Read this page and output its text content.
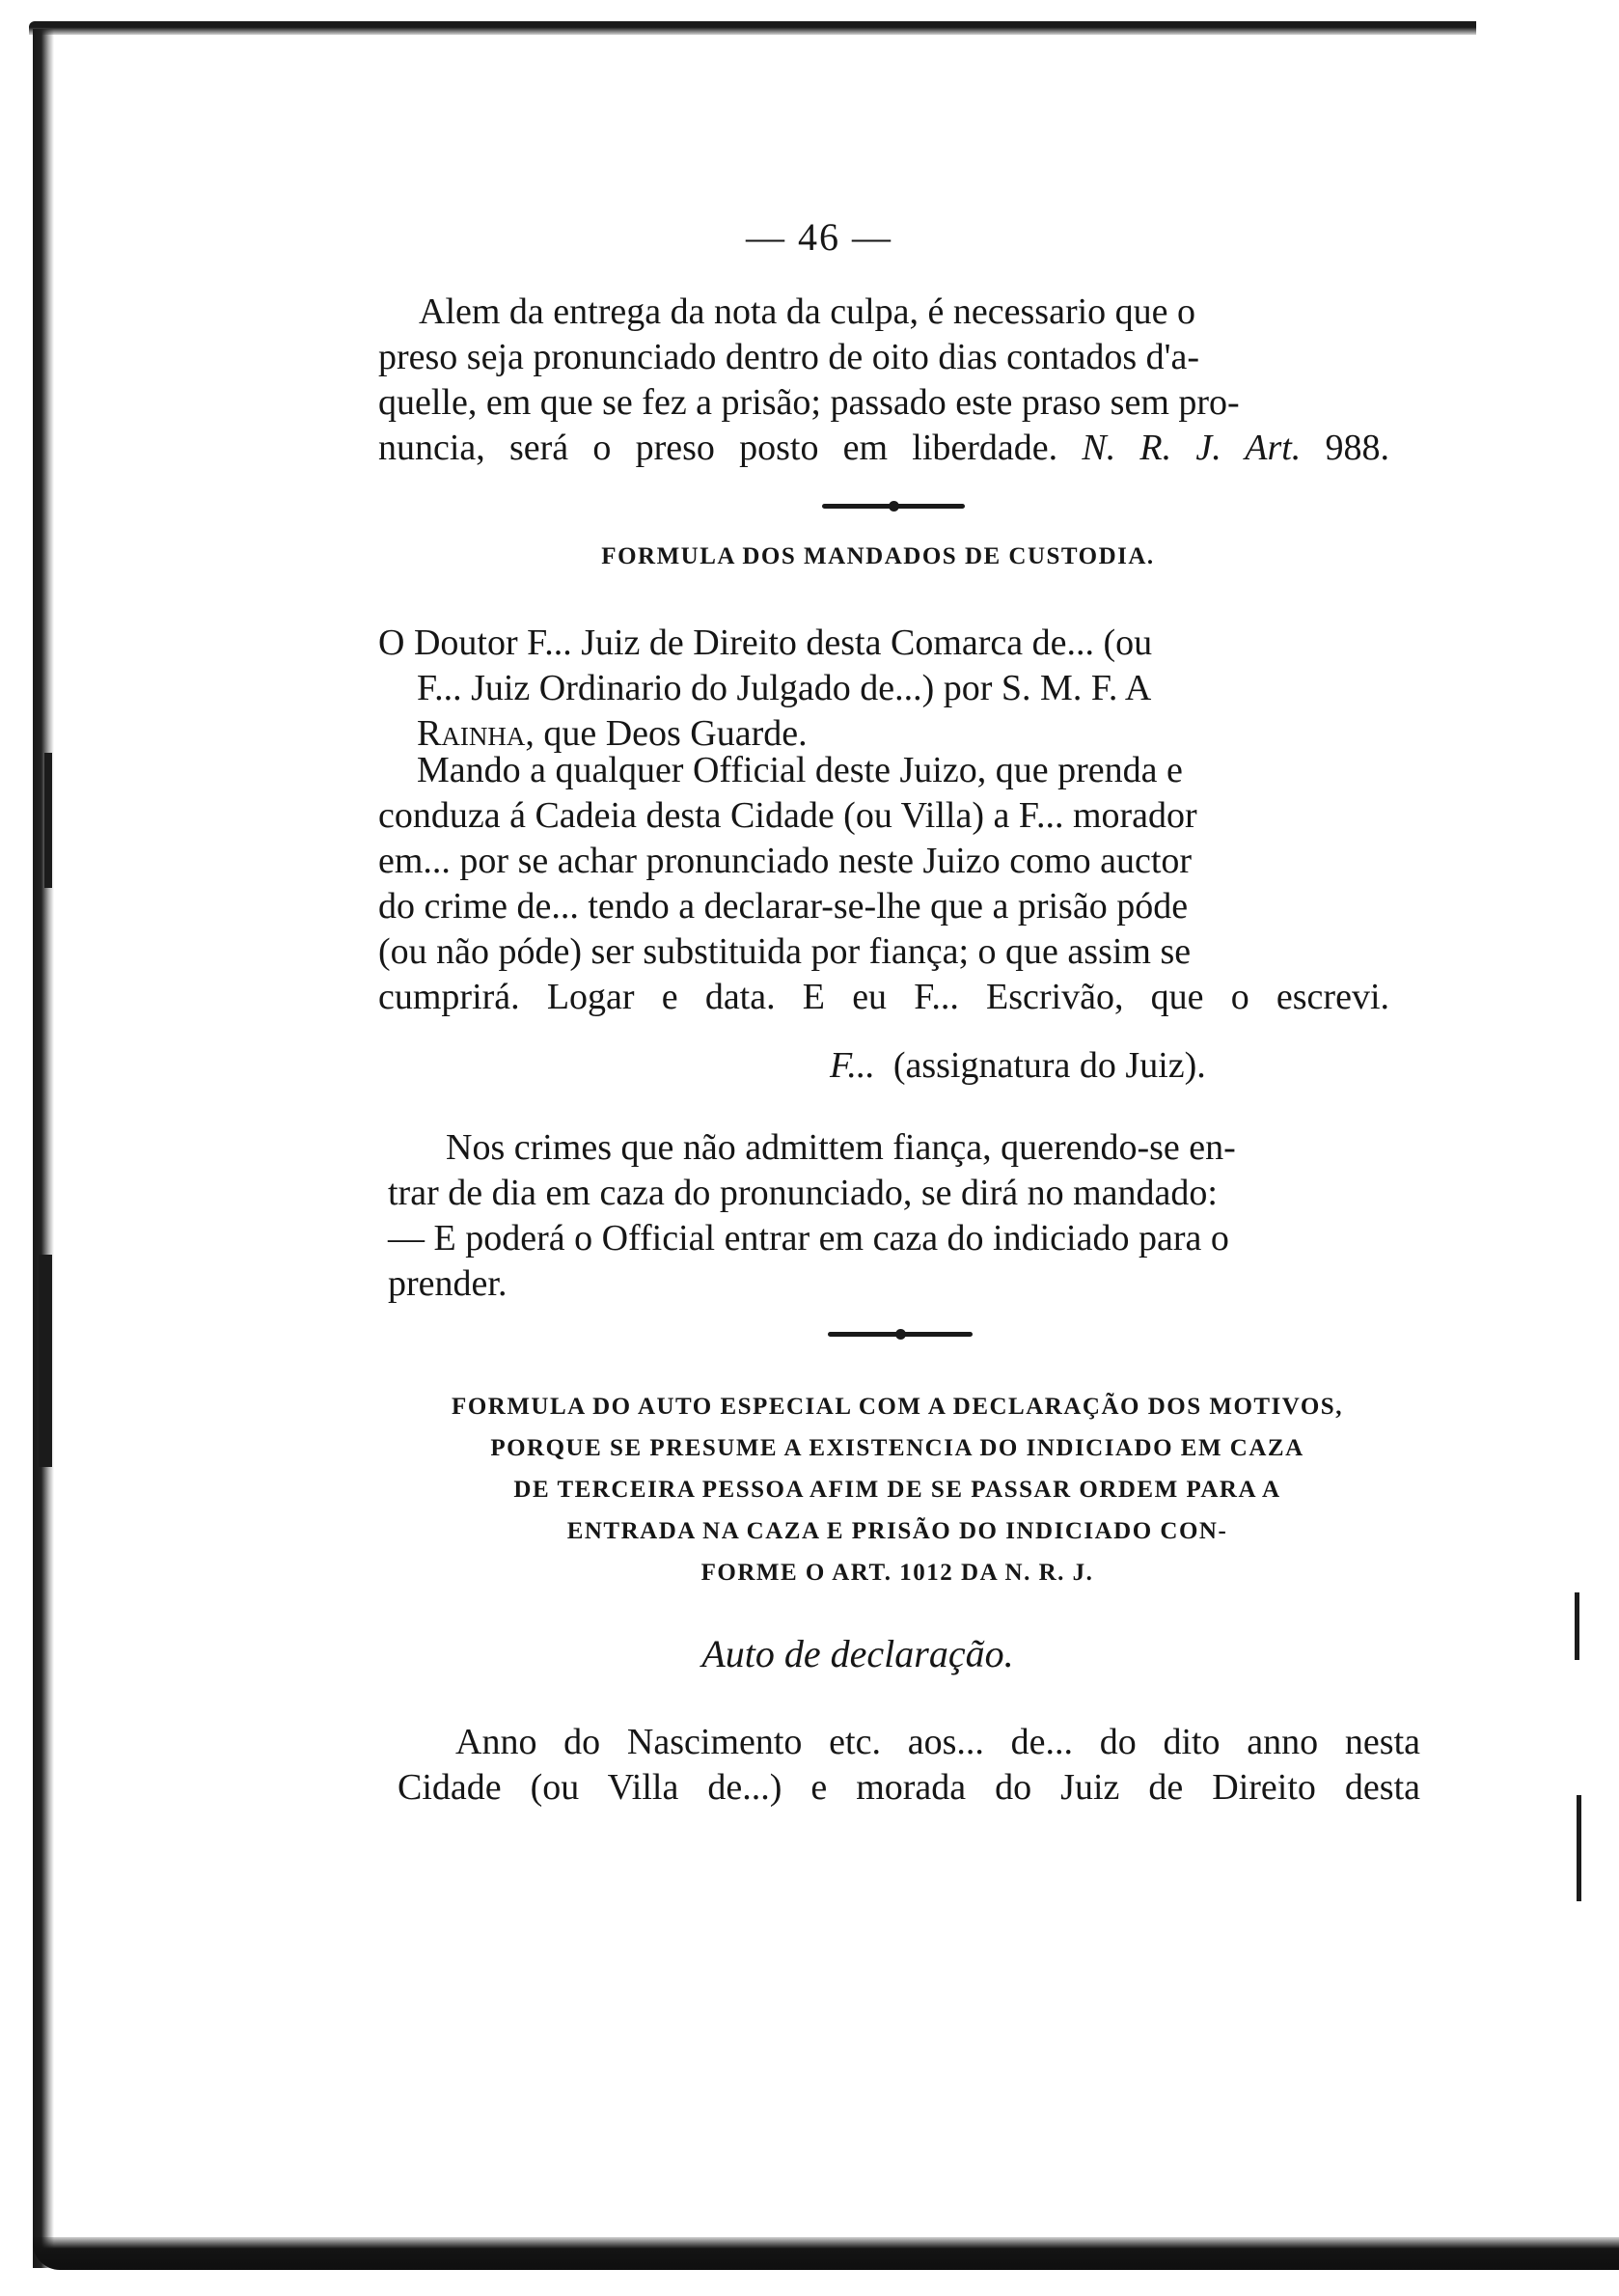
— 46 —

Alem da entrega da nota da culpa, é necessario que o

preso seja pronunciado dentro de oito dias contados d'a-

quelle, em que se fez a prisão; passado este praso sem pro-

nuncia, será o preso posto em liberdade. N. R. J. Art. 988.

FORMULA DOS MANDADOS DE CUSTODIA.

O Doutor F... Juiz de Direito desta Comarca de... (ou

F... Juiz Ordinario do Julgado de...) por S. M. F. A

Rainha, que Deos Guarde.

Mando a qualquer Official deste Juizo, que prenda e

conduza á Cadeia desta Cidade (ou Villa) a F... morador

em... por se achar pronunciado neste Juizo como auctor

do crime de... tendo a declarar-se-lhe que a prisão póde

(ou não póde) ser substituida por fiança; o que assim se

cumprirá. Logar e data. E eu F... Escrivão, que o escrevi.

F... (assignatura do Juiz).

Nos crimes que não admittem fiança, querendo-se en-

trar de dia em caza do pronunciado, se dirá no mandado:

— E poderá o Official entrar em caza do indiciado para o

prender.

FORMULA DO AUTO ESPECIAL COM A DECLARAÇÃO DOS MOTIVOS,
PORQUE SE PRESUME A EXISTENCIA DO INDICIADO EM CAZA
DE TERCEIRA PESSOA AFIM DE SE PASSAR ORDEM PARA A
ENTRADA NA CAZA E PRISÃO DO INDICIADO CON-
FORME O ART. 1012 DA N. R. J.
Auto de declaração.

Anno do Nascimento etc. aos... de... do dito anno nesta

Cidade (ou Villa de...) e morada do Juiz de Direito desta
